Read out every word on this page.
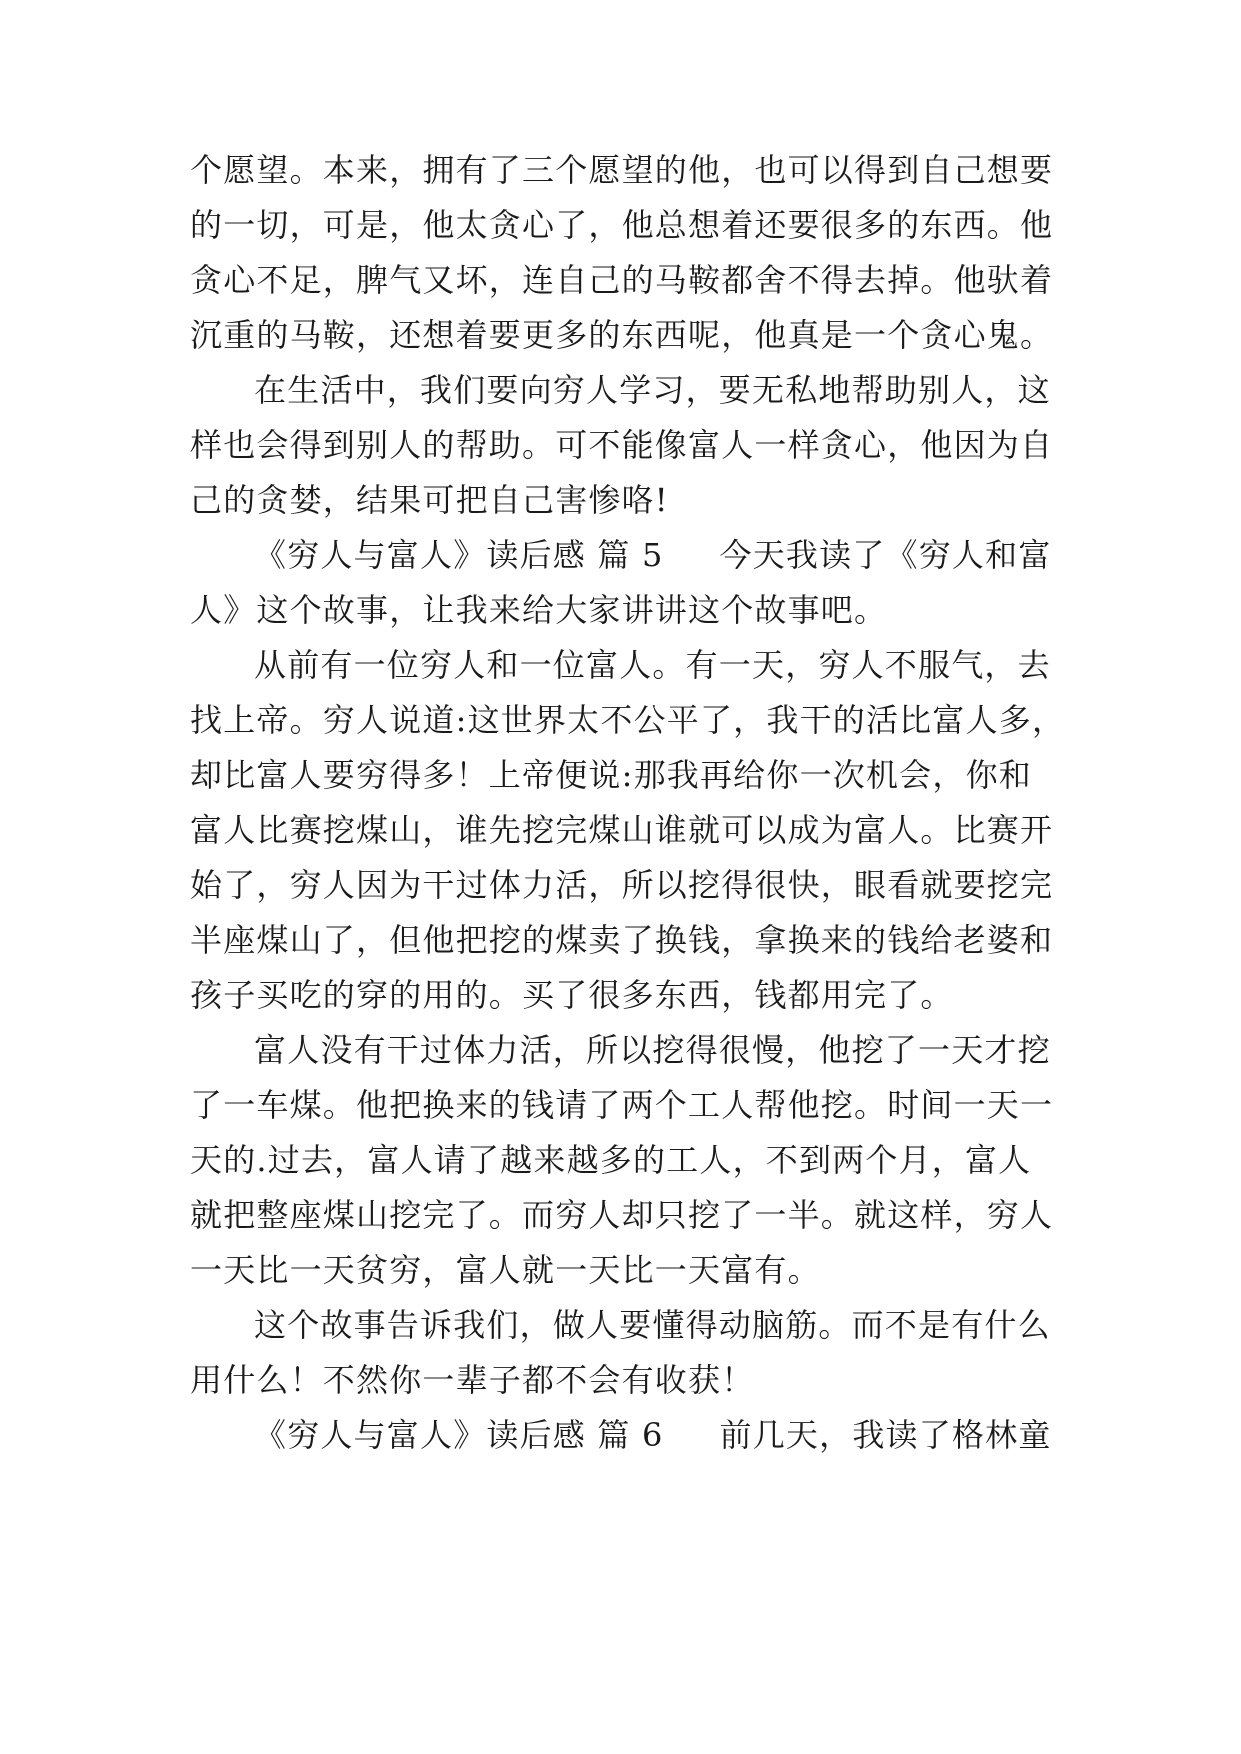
个愿望。本来，拥有了三个愿望的他，也可以得到自己想要
的一切，可是，他太贪心了，他总想着还要很多的东西。他
贪心不足，脾气又坏，连自己的马鞍都舍不得去掉。他驮着
沉重的马鞍，还想着要更多的东西呢，他真是一个贪心鬼。
在生活中，我们要向穷人学习，要无私地帮助别人，这
样也会得到别人的帮助。可不能像富人一样贪心，他因为自
己的贪婪，结果可把自己害惨咯!
《穷人与富人》读后感 篇 5 今天我读了《穷人和富
人》这个故事，让我来给大家讲讲这个故事吧。
从前有一位穷人和一位富人。有一天，穷人不服气，去
找上帝。穷人说道:这世界太不公平了，我干的活比富人多，
却比富人要穷得多！上帝便说:那我再给你一次机会，你和
富人比赛挖煤山，谁先挖完煤山谁就可以成为富人。比赛开
始了，穷人因为干过体力活，所以挖得很快，眼看就要挖完
半座煤山了，但他把挖的煤卖了换钱，拿换来的钱给老婆和
孩子买吃的穿的用的。买了很多东西，钱都用完了。
富人没有干过体力活，所以挖得很慢，他挖了一天才挖
了一车煤。他把换来的钱请了两个工人帮他挖。时间一天一
天的.过去，富人请了越来越多的工人，不到两个月，富人
就把整座煤山挖完了。而穷人却只挖了一半。就这样，穷人
一天比一天贫穷，富人就一天比一天富有。
这个故事告诉我们，做人要懂得动脑筋。而不是有什么
用什么！不然你一辈子都不会有收获！
《穷人与富人》读后感 篇 6 前几天，我读了格林童
